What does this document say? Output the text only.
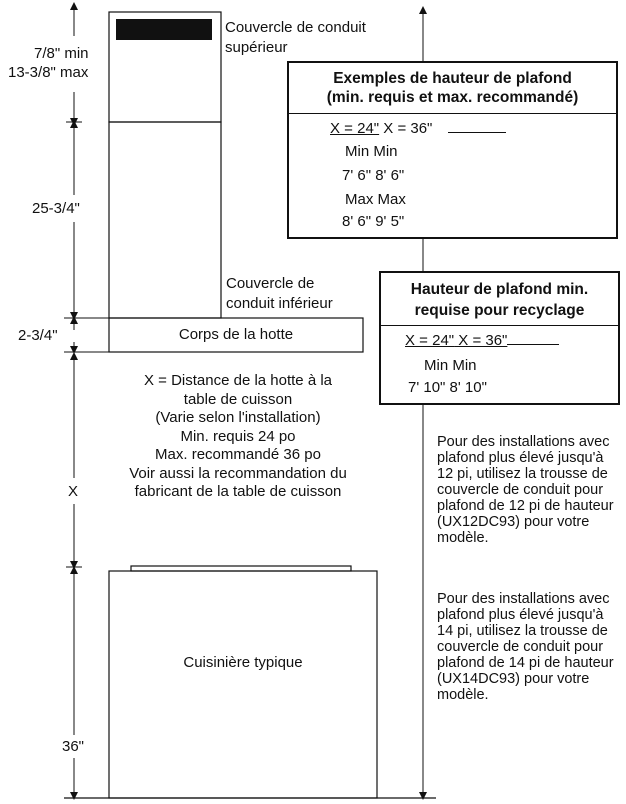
7/8" min
13-3/8" max
25-3/4"
2-3/4"
X
36"
Couvercle de conduit
supérieur
Couvercle de
conduit inférieur
Corps de la hotte
Cuisinière typique
X = Distance de la hotte à la
table de cuisson
(Varie selon l'installation)
Min. requis 24 po
Max. recommandé 36 po
Voir aussi la recommandation du
fabricant de la table de cuisson
Exemples de hauteur de plafond
(min. requis et max. recommandé)
X = 24" X = 36"
Min Min
7' 6" 8' 6"
Max Max
8' 6" 9' 5"
Hauteur de plafond min.
requise pour recyclage
X = 24" X = 36"
Min Min
7' 10" 8' 10"
Pour des installations avec plafond plus élevé jusqu'à 12 pi, utilisez la trousse de couvercle de conduit pour plafond de 12 pi de hauteur (UX12DC93) pour votre modèle.
Pour des installations avec plafond plus élevé jusqu'à 14 pi, utilisez la trousse de couvercle de conduit pour plafond de 14 pi de hauteur (UX14DC93) pour votre modèle.
